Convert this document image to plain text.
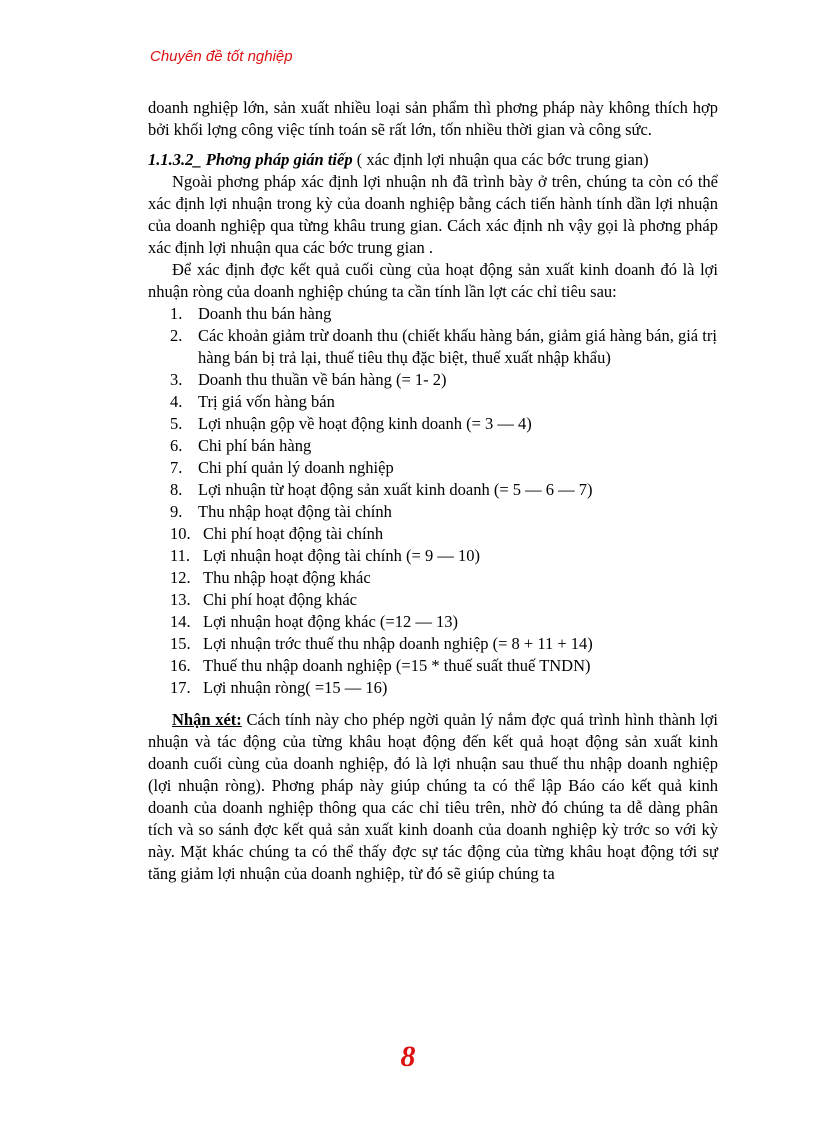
Chuyên đề tốt nghiệp

doanh nghiệp lớn, sản xuất nhiều loại sản phẩm thì phơng pháp này không thích hợp bởi khối lợng công việc tính toán sẽ rất lớn, tốn nhiều thời gian và công sức.

1.1.3.2_ Phơng pháp gián tiếp ( xác định lợi nhuận qua các bớc trung gian)

Ngoài phơng pháp xác định lợi nhuận nh đã trình bày ở trên, chúng ta còn có thể xác định lợi nhuận trong kỳ của doanh nghiệp bằng cách tiến hành tính dần lợi nhuận của doanh nghiệp qua từng khâu trung gian. Cách xác định nh vậy gọi là phơng pháp xác định lợi nhuận qua các bớc trung gian .

Để xác định đợc kết quả cuối cùng của hoạt động sản xuất kinh doanh đó là lợi nhuận ròng của doanh nghiệp chúng ta cần tính lần lợt các chỉ tiêu sau:

1. Doanh thu bán hàng
2. Các khoản giảm trừ doanh thu (chiết khấu hàng bán, giảm giá hàng bán, giá trị hàng bán bị trả lại, thuế tiêu thụ đặc biệt, thuế xuất nhập khẩu)
3. Doanh thu thuần về bán hàng (= 1- 2)
4. Trị giá vốn hàng bán
5. Lợi nhuận gộp về hoạt động kinh doanh (= 3 — 4)
6. Chi phí bán hàng
7. Chi phí quản lý doanh nghiệp
8. Lợi nhuận từ hoạt động sản xuất kinh doanh (= 5 — 6 — 7)
9. Thu nhập hoạt động tài chính
10. Chi phí hoạt động tài chính
11. Lợi nhuận hoạt động tài chính (= 9 — 10)
12. Thu nhập hoạt động khác
13. Chi phí hoạt động khác
14. Lợi nhuận hoạt động khác (=12 — 13)
15. Lợi nhuận trớc thuế thu nhập doanh nghiệp (= 8 + 11 + 14)
16. Thuế thu nhập doanh nghiệp (=15 * thuế suất thuế TNDN)
17. Lợi nhuận ròng( =15 — 16)

Nhận xét: Cách tính này cho phép ngời quản lý nắm đợc quá trình hình thành lợi nhuận và tác động của từng khâu hoạt động đến kết quả hoạt động sản xuất kinh doanh cuối cùng của doanh nghiệp, đó là lợi nhuận sau thuế thu nhập doanh nghiệp (lợi nhuận ròng). Phơng pháp này giúp chúng ta có thể lập Báo cáo kết quả kinh doanh của doanh nghiệp thông qua các chỉ tiêu trên, nhờ đó chúng ta dễ dàng phân tích và so sánh đợc kết quả sản xuất kinh doanh của doanh nghiệp kỳ trớc so với kỳ này. Mặt khác chúng ta có thể thấy đợc sự tác động của từng khâu hoạt động tới sự tăng giảm lợi nhuận của doanh nghiệp, từ đó sẽ giúp chúng ta

8
